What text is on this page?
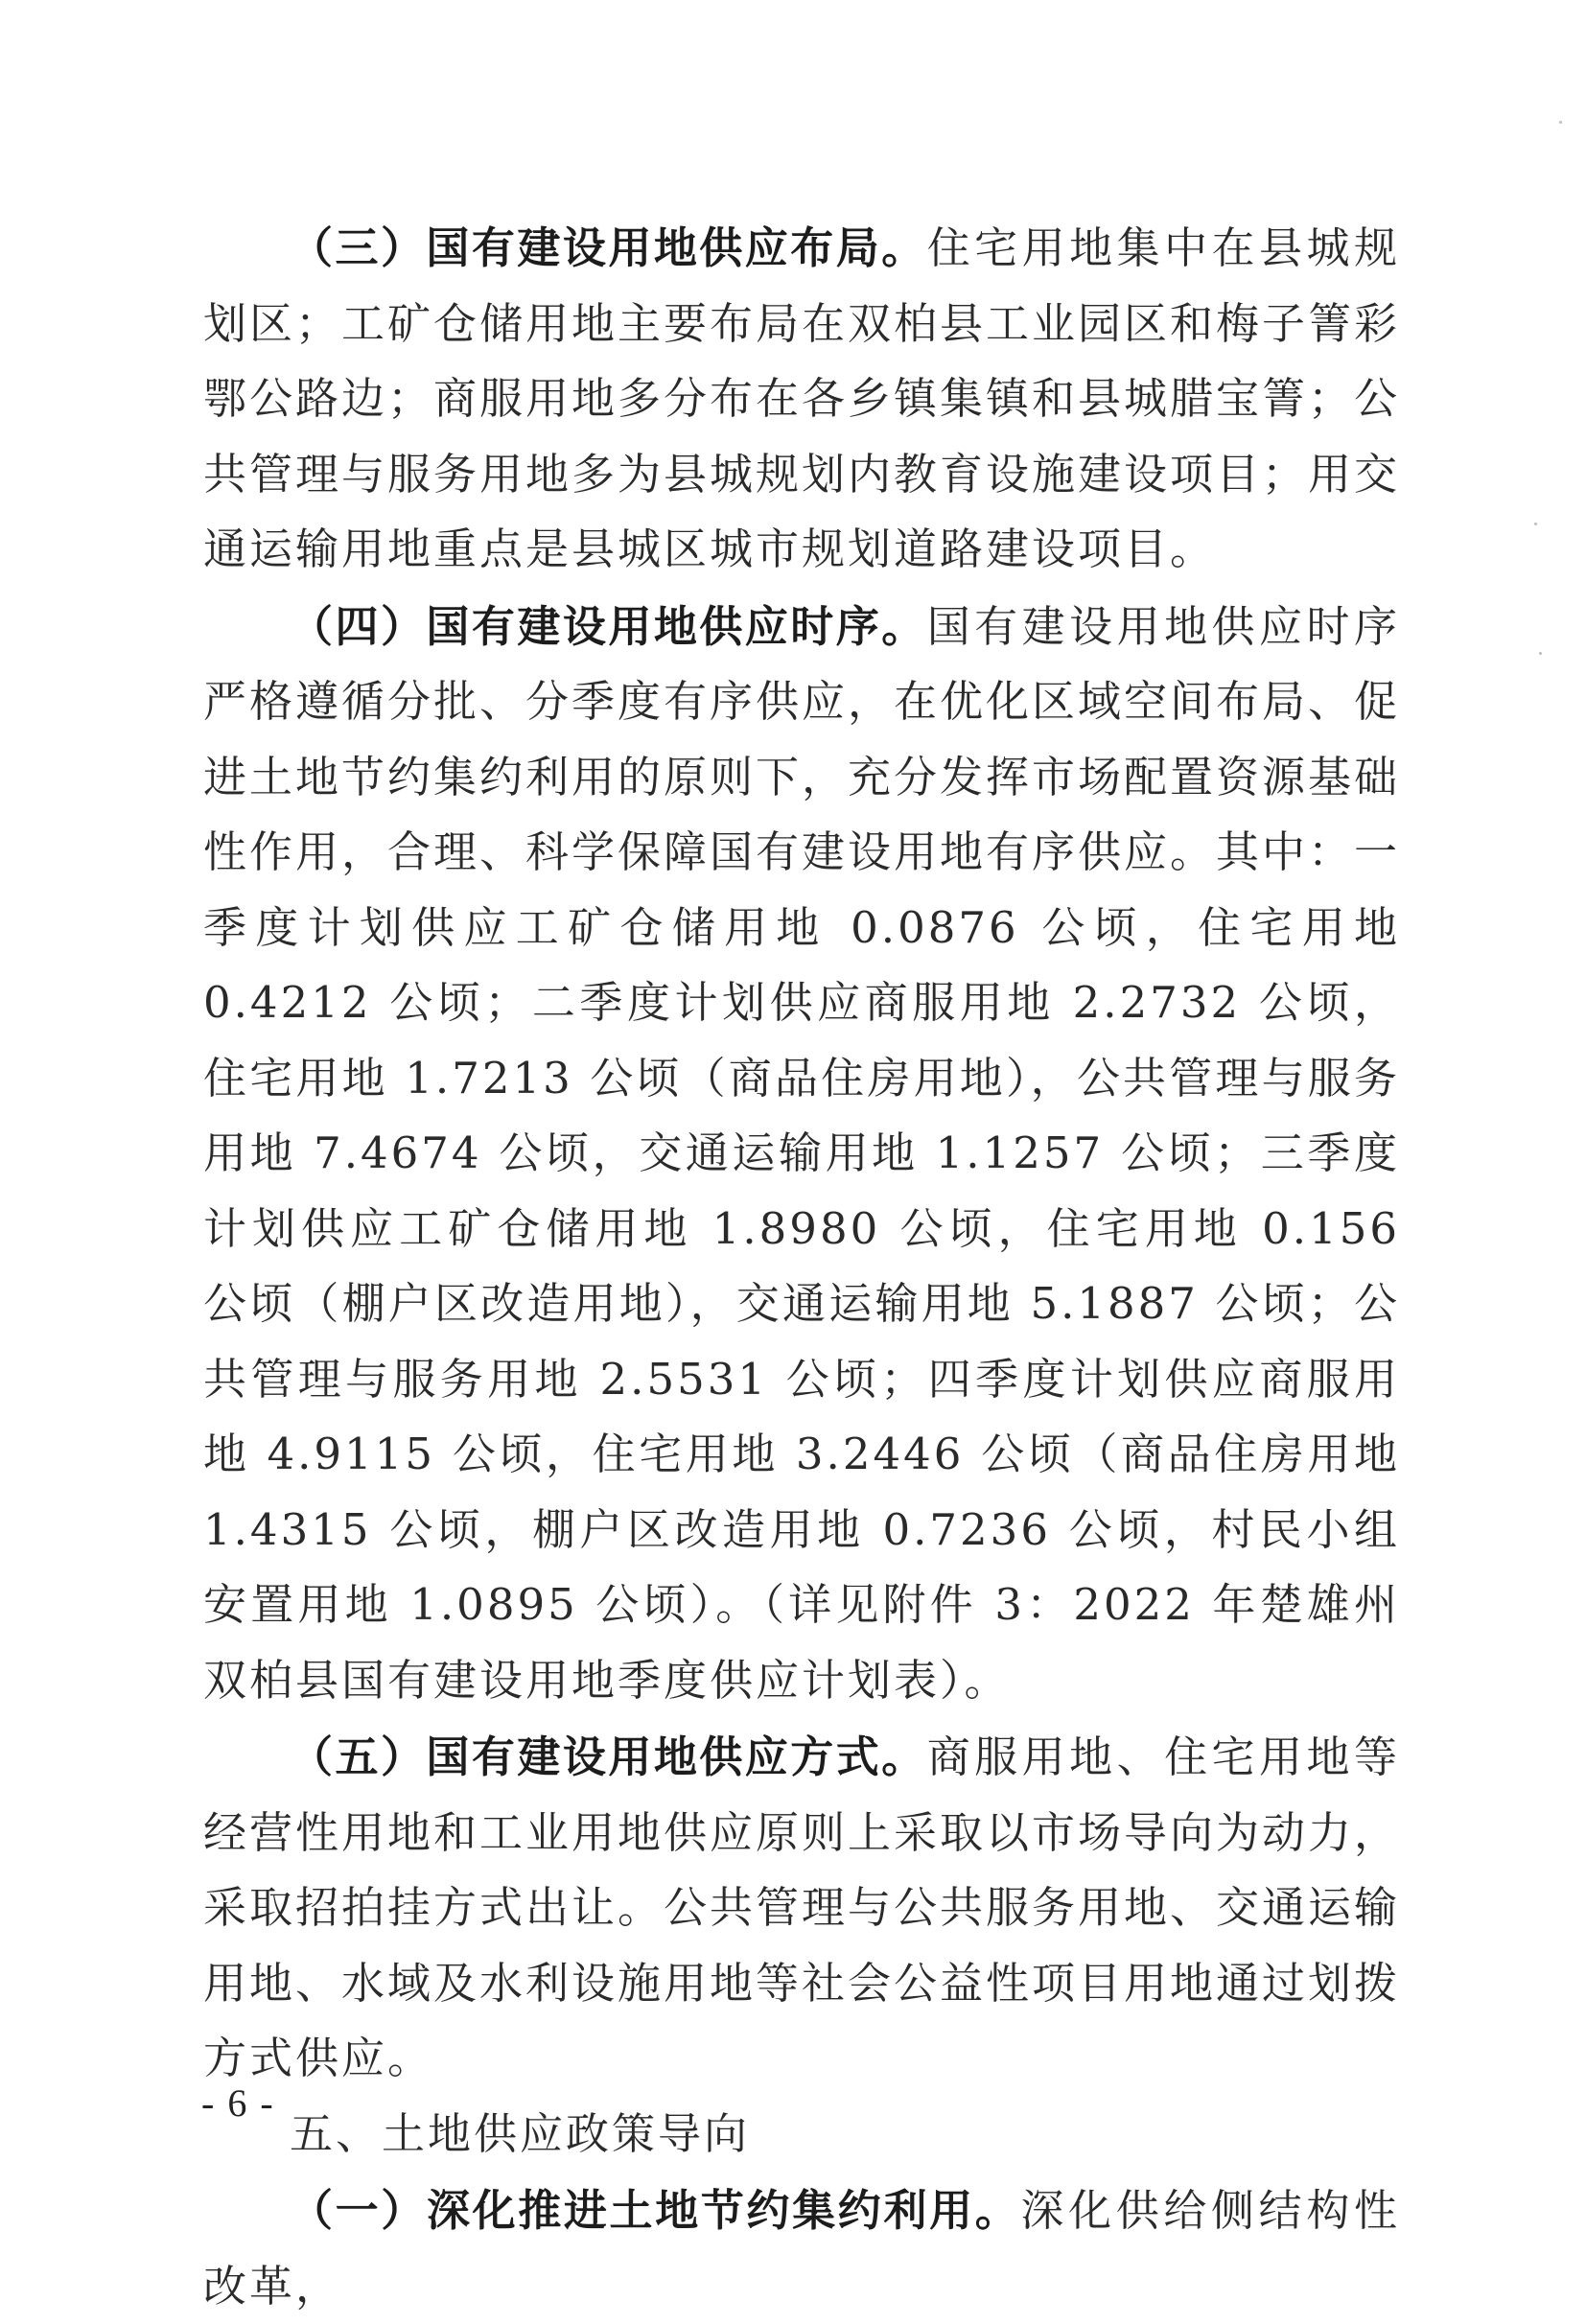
（三）国有建设用地供应布局。住宅用地集中在县城规划区；工矿仓储用地主要布局在双柏县工业园区和梅子箐彩鄂公路边；商服用地多分布在各乡镇集镇和县城腊宝箐；公共管理与服务用地多为县城规划内教育设施建设项目；用交通运输用地重点是县城区城市规划道路建设项目。

（四）国有建设用地供应时序。国有建设用地供应时序严格遵循分批、分季度有序供应，在优化区域空间布局、促进土地节约集约利用的原则下，充分发挥市场配置资源基础性作用，合理、科学保障国有建设用地有序供应。其中：一季度计划供应工矿仓储用地 0.0876 公顷，住宅用地 0.4212 公顷；二季度计划供应商服用地 2.2732 公顷，住宅用地 1.7213 公顷（商品住房用地），公共管理与服务用地 7.4674 公顷，交通运输用地 1.1257 公顷；三季度计划供应工矿仓储用地 1.8980 公顷，住宅用地 0.156 公顷（棚户区改造用地），交通运输用地 5.1887 公顷；公共管理与服务用地 2.5531 公顷；四季度计划供应商服用地 4.9115 公顷，住宅用地 3.2446 公顷（商品住房用地 1.4315 公顷，棚户区改造用地 0.7236 公顷，村民小组安置用地 1.0895 公顷）。（详见附件 3：2022 年楚雄州双柏县国有建设用地季度供应计划表）。

（五）国有建设用地供应方式。商服用地、住宅用地等经营性用地和工业用地供应原则上采取以市场导向为动力，采取招拍挂方式出让。公共管理与公共服务用地、交通运输用地、水域及水利设施用地等社会公益性项目用地通过划拨方式供应。

五、土地供应政策导向

（一）深化推进土地节约集约利用。深化供给侧结构性改革，

- 6 -
